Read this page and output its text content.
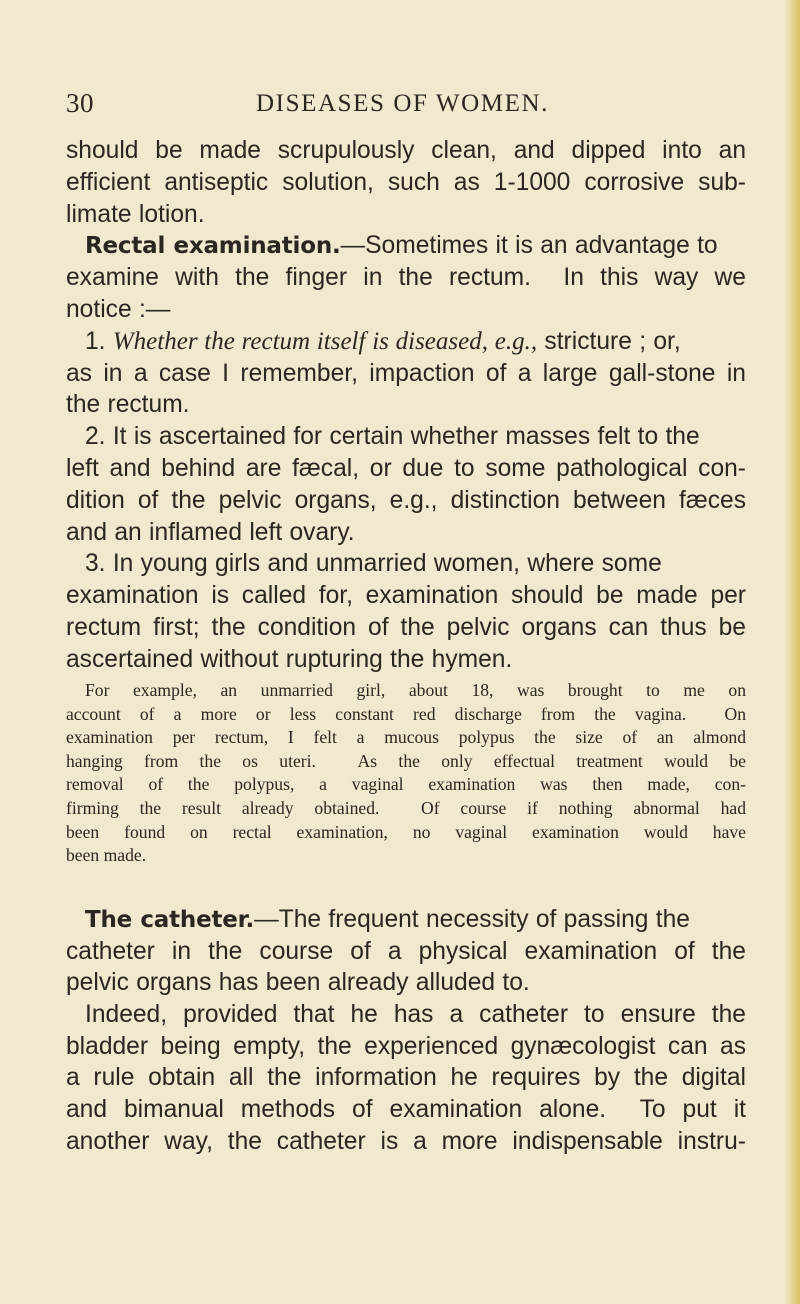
30	DISEASES OF WOMEN.
should be made scrupulously clean, and dipped into an
efficient antiseptic solution, such as 1-1000 corrosive sub-
limate lotion.
Rectal examination.—Sometimes it is an advantage to
examine with the finger in the rectum.  In this way we
notice :—
1. Whether the rectum itself is diseased, e.g., stricture ; or,
as in a case I remember, impaction of a large gall-stone in
the rectum.
2. It is ascertained for certain whether masses felt to the
left and behind are fæcal, or due to some pathological con-
dition of the pelvic organs, e.g., distinction between fæces
and an inflamed left ovary.
3. In young girls and unmarried women, where some
examination is called for, examination should be made per
rectum first; the condition of the pelvic organs can thus be
ascertained without rupturing the hymen.
For example, an unmarried girl, about 18, was brought to me on
account of a more or less constant red discharge from the vagina.  On
examination per rectum, I felt a mucous polypus the size of an almond
hanging from the os uteri.  As the only effectual treatment would be
removal of the polypus, a vaginal examination was then made, con-
firming the result already obtained.  Of course if nothing abnormal had
been found on rectal examination, no vaginal examination would have
been made.
The catheter.—The frequent necessity of passing the
catheter in the course of a physical examination of the
pelvic organs has been already alluded to.
Indeed, provided that he has a catheter to ensure the
bladder being empty, the experienced gynæcologist can as
a rule obtain all the information he requires by the digital
and bimanual methods of examination alone.  To put it
another way, the catheter is a more indispensable instru-
